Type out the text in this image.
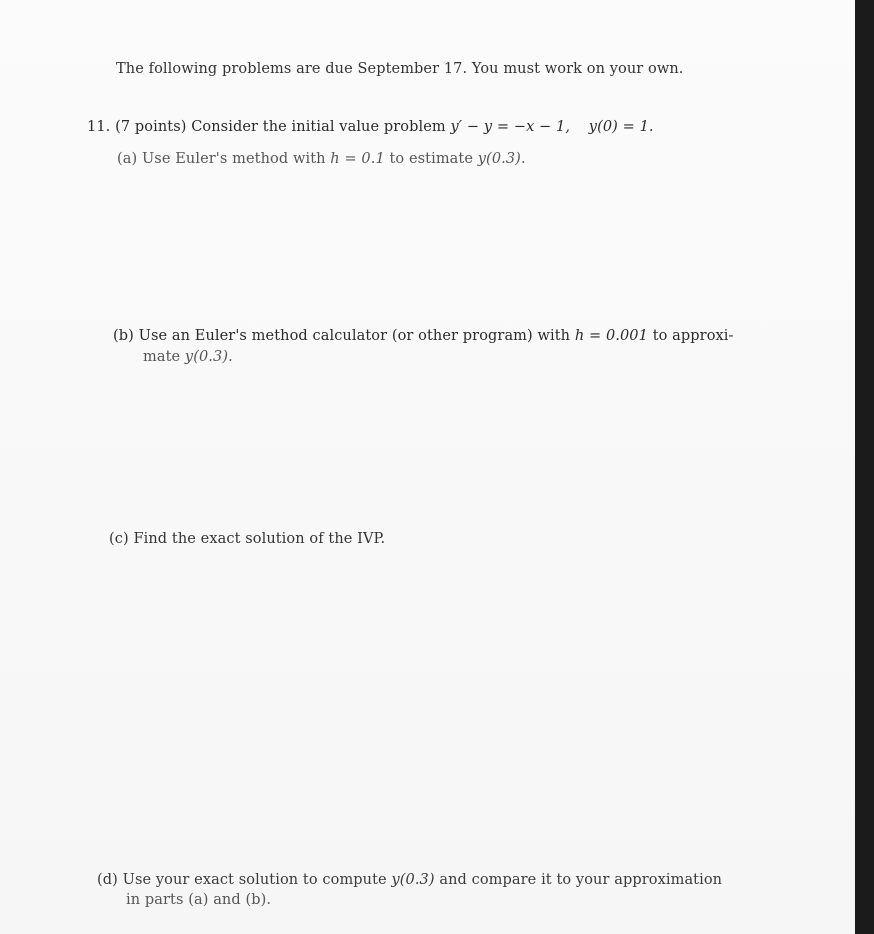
The following problems are due September 17. You must work on your own.
11. (7 points) Consider the initial value problem y′ − y = −x − 1, y(0) = 1.
(a) Use Euler's method with h = 0.1 to estimate y(0.3).
(b) Use an Euler's method calculator (or other program) with h = 0.001 to approxi-
mate y(0.3).
(c) Find the exact solution of the IVP.
(d) Use your exact solution to compute y(0.3) and compare it to your approximation
in parts (a) and (b).
